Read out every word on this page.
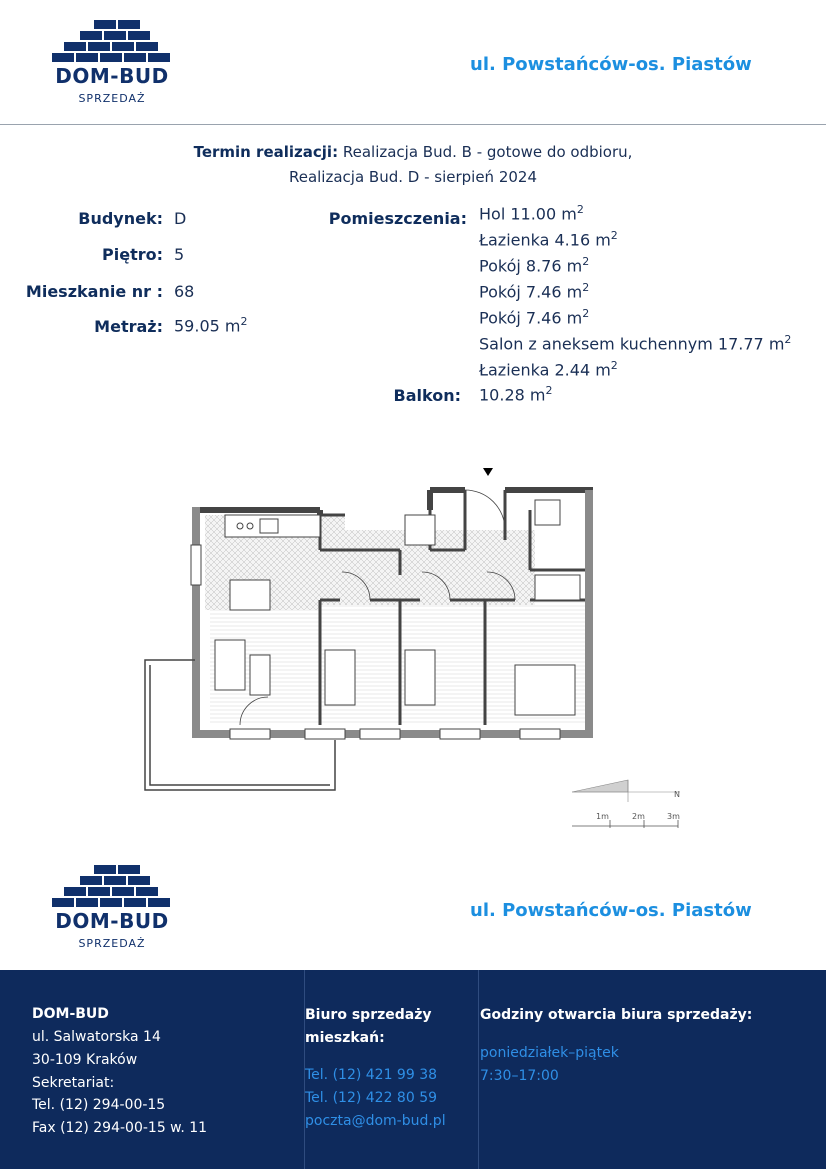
DOM-BUD
SPRZEDAŻ
ul. Powstańców-os. Piastów
Termin realizacji: Realizacja Bud. B - gotowe do odbioru,
Realizacja Bud. D - sierpień 2024
Budynek: D
Piętro: 5
Mieszkanie nr : 68
Metraż: 59.05 $m^2$
Pomieszczenia: Hol 11.00 $m^2$
Łazienka 4.16 $m^2$
Pokój 8.76 $m^2$
Pokój 7.46 $m^2$
Pokój 7.46 $m^2$
Salon z aneksem kuchennym 17.77 $m^2$
Łazienka 2.44 $m^2$
Balkon: 10.28 $m^2$
N
1m	2m	3m
DOM-BUD
SPRZEDAŻ
ul. Powstańców-os. Piastów
DOM-BUD
ul. Salwatorska 14
30-109 Kraków
Sekretariat:
Tel. (12) 294-00-15
Fax (12) 294-00-15 w. 11
Biuro sprzedaży
mieszkań:
Tel. (12) 421 99 38
Tel. (12) 422 80 59
poczta@dom-bud.pl
Godziny otwarcia biura sprzedaży:
poniedziałek–piątek
7:30–17:00
